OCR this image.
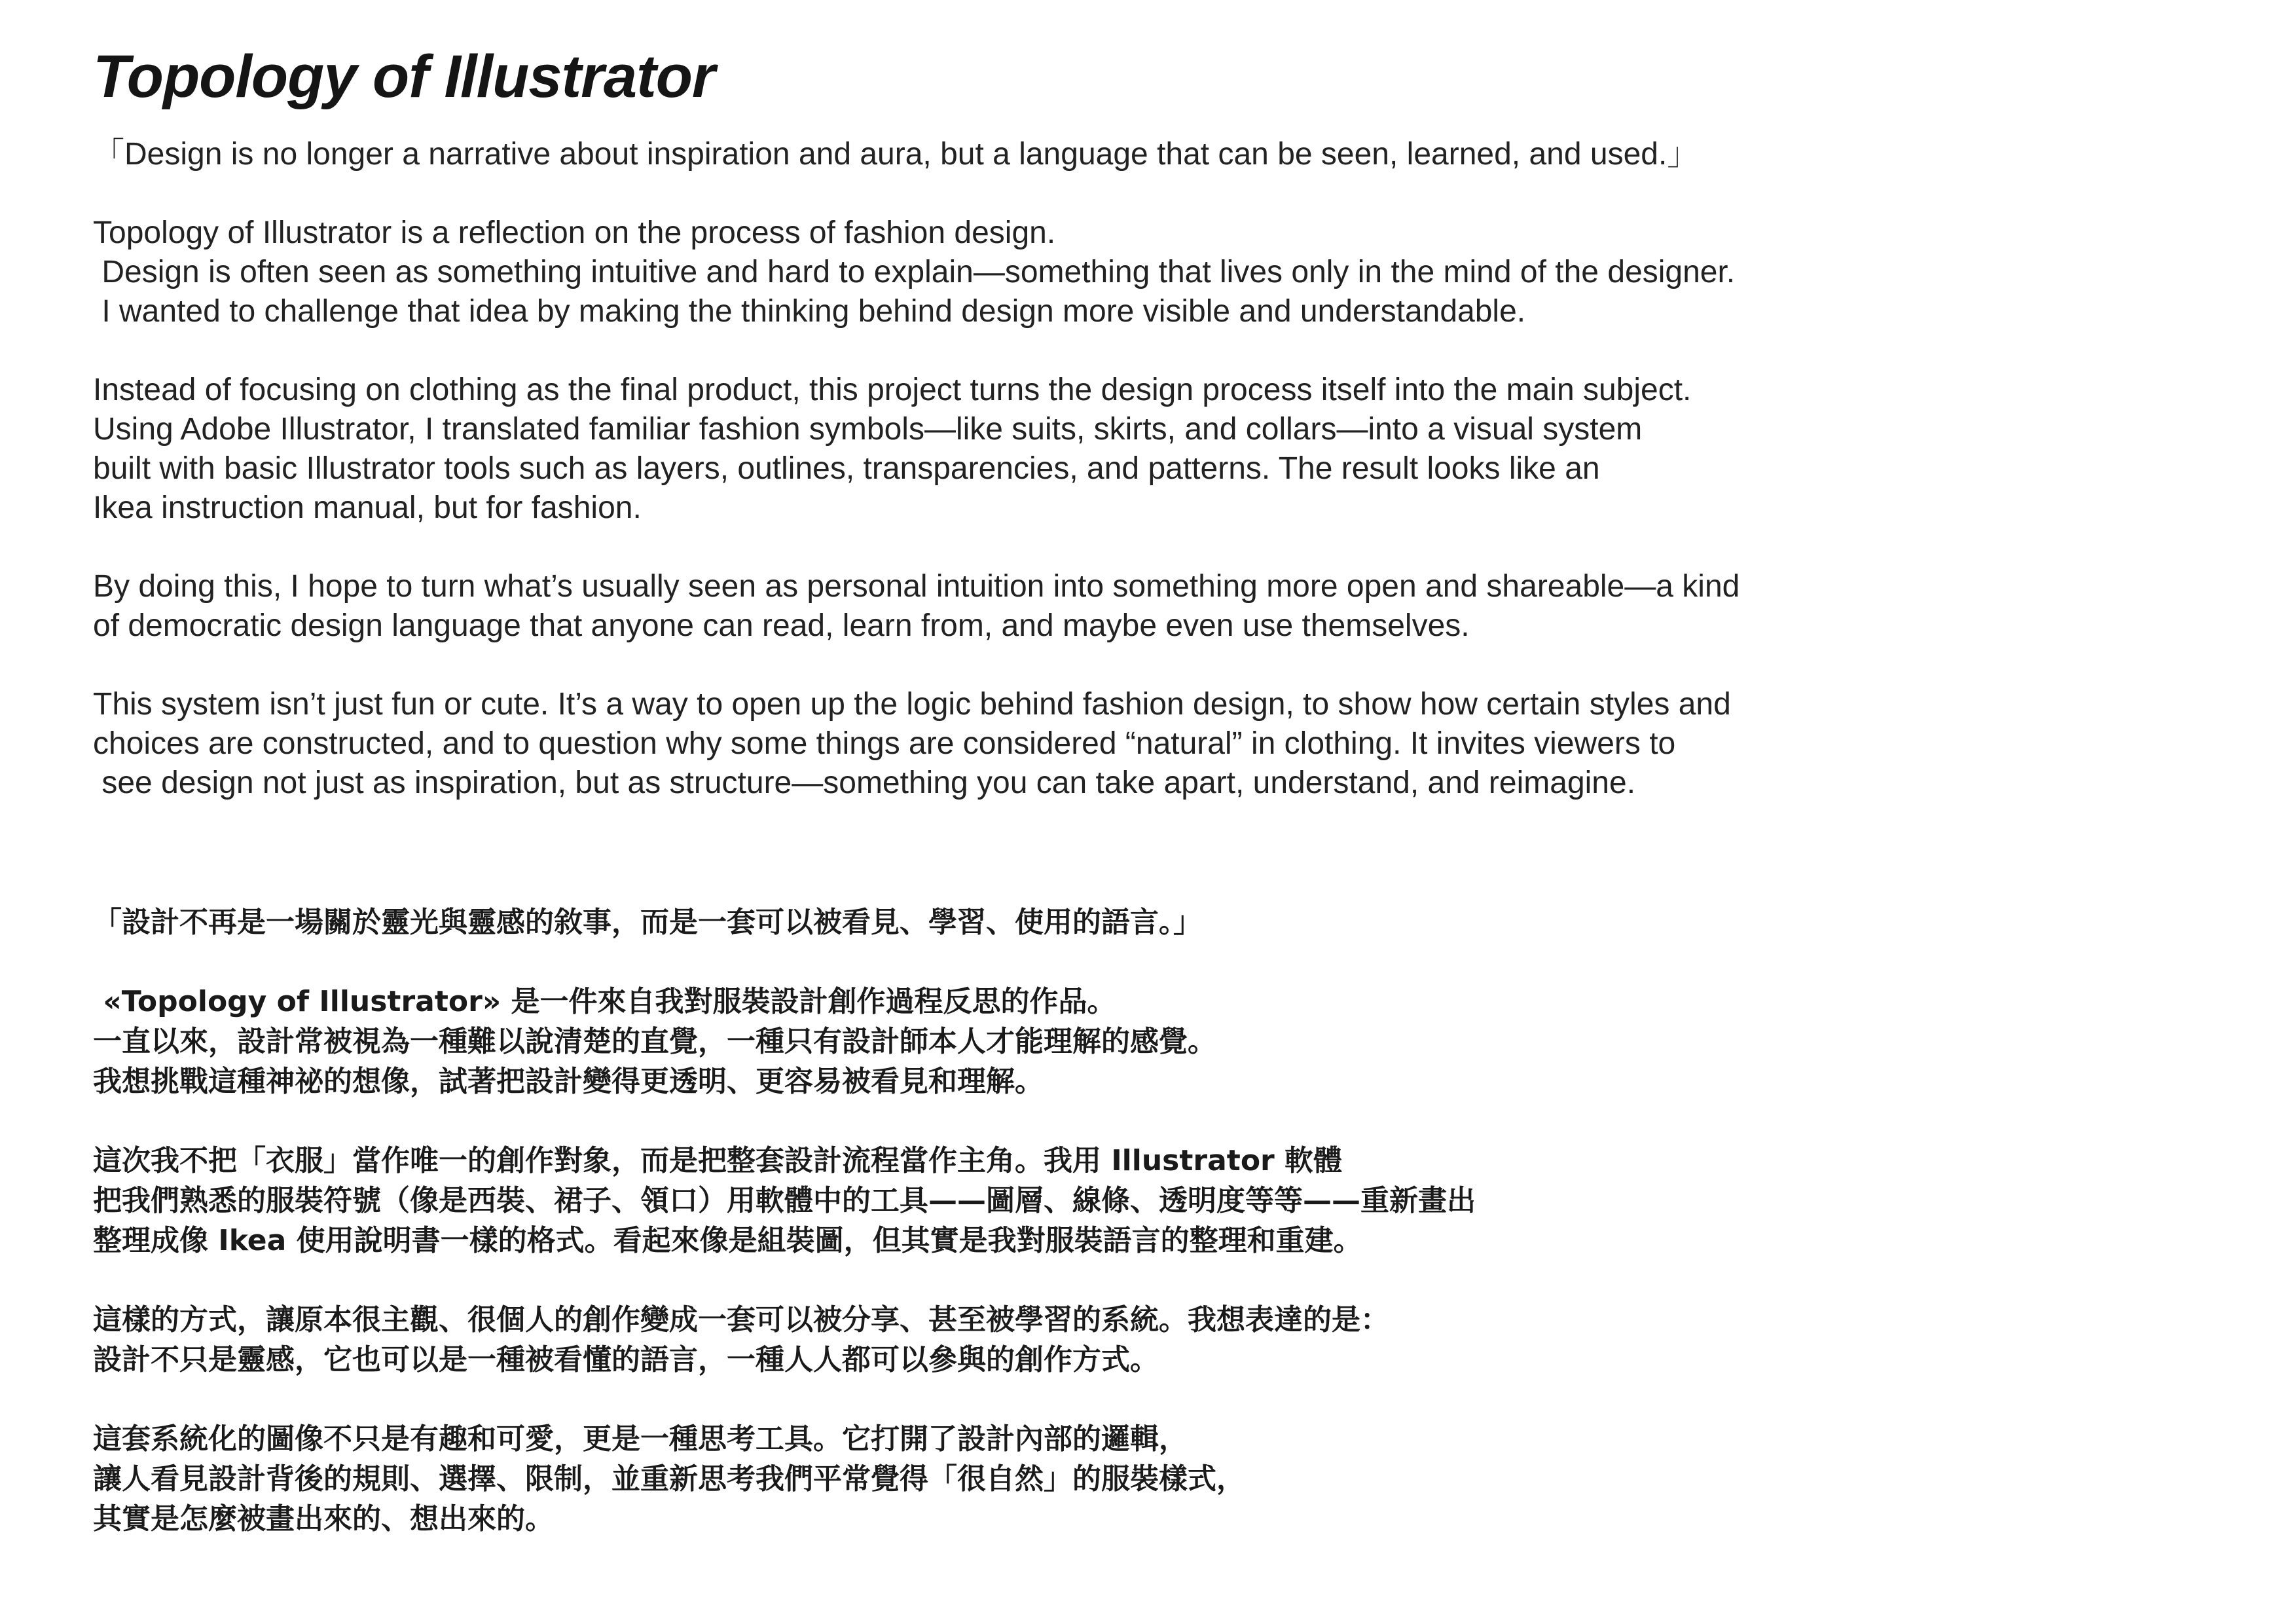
Topology of Illustrator
「Design is no longer a narrative about inspiration and aura, but a language that can be seen, learned, and used.」
Topology of Illustrator is a reflection on the process of fashion design.
Design is often seen as something intuitive and hard to explain—something that lives only in the mind of the designer.
I wanted to challenge that idea by making the thinking behind design more visible and understandable.
Instead of focusing on clothing as the final product, this project turns the design process itself into the main subject.
Using Adobe Illustrator, I translated familiar fashion symbols—like suits, skirts, and collars—into a visual system
built with basic Illustrator tools such as layers, outlines, transparencies, and patterns. The result looks like an
Ikea instruction manual, but for fashion.
By doing this, I hope to turn what’s usually seen as personal intuition into something more open and shareable—a kind
of democratic design language that anyone can read, learn from, and maybe even use themselves.
This system isn’t just fun or cute. It’s a way to open up the logic behind fashion design, to show how certain styles and
choices are constructed, and to question why some things are considered “natural” in clothing. It invites viewers to
see design not just as inspiration, but as structure—something you can take apart, understand, and reimagine.
「設計不再是一場關於靈光與靈感的敘事，而是一套可以被看見、學習、使用的語言。」
«Topology of Illustrator» 是一件來自我對服裝設計創作過程反思的作品。
一直以來，設計常被視為一種難以說清楚的直覺，一種只有設計師本人才能理解的感覺。
我想挑戰這種神祕的想像，試著把設計變得更透明、更容易被看見和理解。
這次我不把「衣服」當作唯一的創作對象，而是把整套設計流程當作主角。我用 Illustrator 軟體
把我們熟悉的服裝符號（像是西裝、裙子、領口）用軟體中的工具——圖層、線條、透明度等等——重新畫出
整理成像 Ikea 使用說明書一樣的格式。看起來像是組裝圖，但其實是我對服裝語言的整理和重建。
這樣的方式，讓原本很主觀、很個人的創作變成一套可以被分享、甚至被學習的系統。我想表達的是：
設計不只是靈感，它也可以是一種被看懂的語言，一種人人都可以參與的創作方式。
這套系統化的圖像不只是有趣和可愛，更是一種思考工具。它打開了設計內部的邏輯，
讓人看見設計背後的規則、選擇、限制，並重新思考我們平常覺得「很自然」的服裝樣式，
其實是怎麼被畫出來的、想出來的。
